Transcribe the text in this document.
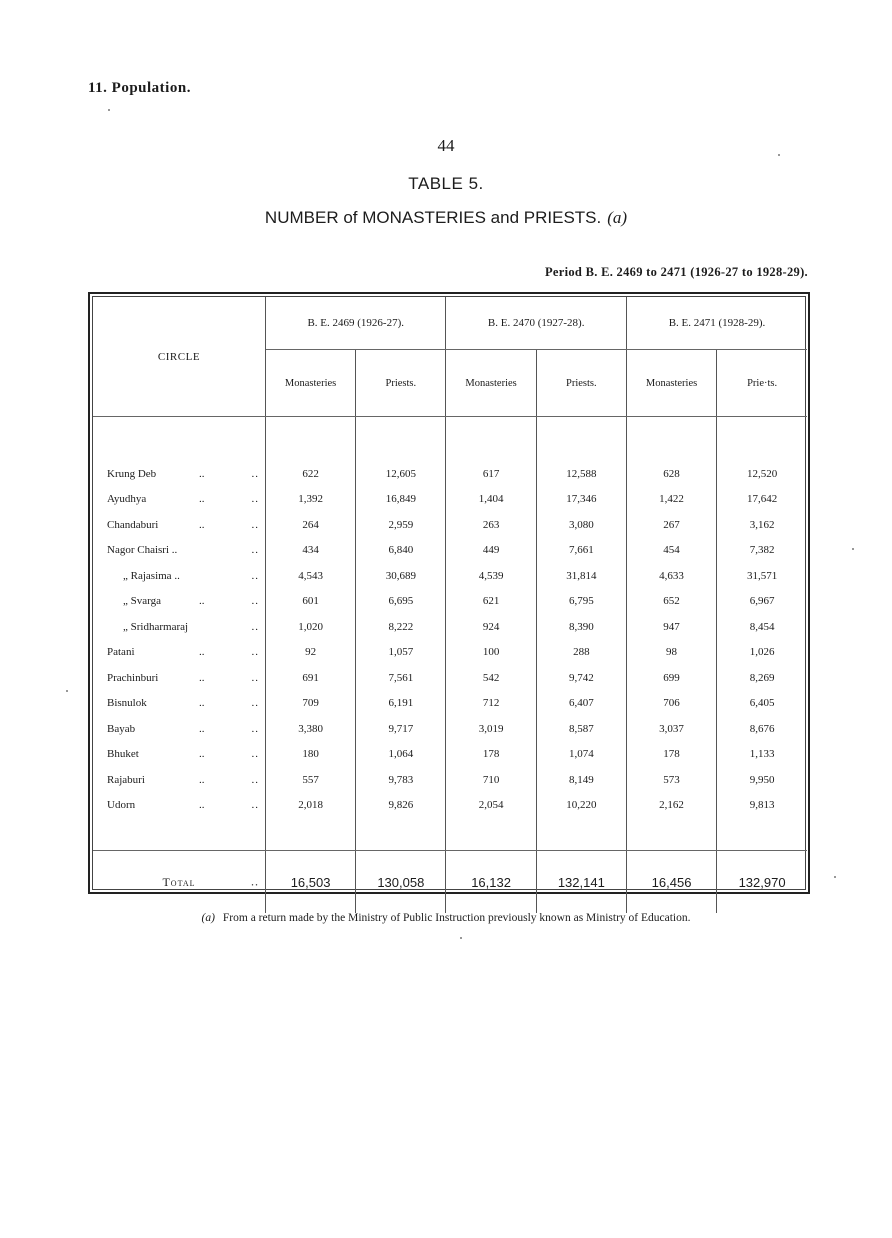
11. Population.
44
TABLE 5.
NUMBER of MONASTERIES and PRIESTS. (a)
Period B. E. 2469 to 2471 (1926-27 to 1928-29).
CIRCLE	B. E. 2469 (1926-27).		B. E. 2470 (1927-28).		B. E. 2471 (1928-29).	
	Monasteries	Priests.	Monasteries	Priests.	Monasteries	Prie·ts.

Krung Deb .. ..	622	12,605	617	12,588	628	12,520
Ayudhya .. ..	1,392	16,849	1,404	17,346	1,422	17,642
Chandaburi .. ..	264	2,959	263	3,080	267	3,162
Nagor Chaisri .. ..	434	6,840	449	7,661	454	7,382
„ Rajasima .. ..	4,543	30,689	4,539	31,814	4,633	31,571
„ Svarga .. ..	601	6,695	621	6,795	652	6,967
„ Sridharmaraj ..	1,020	8,222	924	8,390	947	8,454
Patani .. ..	92	1,057	100	288	98	1,026
Prachinburi .. ..	691	7,561	542	9,742	699	8,269
Bisnulok .. ..	709	6,191	712	6,407	706	6,405
Bayab .. ..	3,380	9,717	3,019	8,587	3,037	8,676
Bhuket .. ..	180	1,064	178	1,074	178	1,133
Rajaburi .. ..	557	9,783	710	8,149	573	9,950
Udorn .. ..	2,018	9,826	2,054	10,220	2,162	9,813

Total ..	16,503	130,058	16,132	132,141	16,456	132,970
(a) From a return made by the Ministry of Public Instruction previously known as Ministry of Education.
